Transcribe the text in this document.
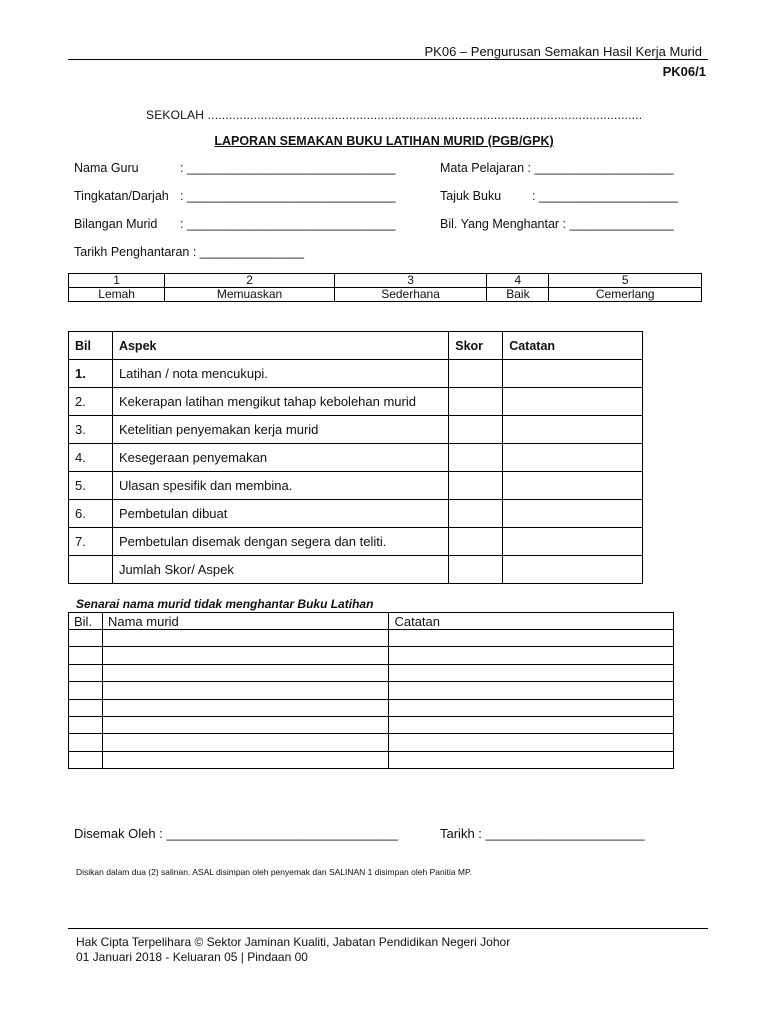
PK06 – Pengurusan Semakan Hasil Kerja Murid
PK06/1
SEKOLAH ...........................................................................................................................
LAPORAN SEMAKAN BUKU LATIHAN MURID (PGB/GPK)
Nama Guru	: ______________________________
Tingkatan/Darjah : ______________________________
Bilangan Murid : ______________________________
Tarikh Penghantaran : _______________
Mata Pelajaran : ____________________
Tajuk Buku : ____________________
Bil. Yang Menghantar : _______________
1	2	3	4	5
Lemah	Memuaskan	Sederhana	Baik	Cemerlang
Bil	Aspek	Skor	Catatan
1.	Latihan / nota mencukupi.		
2.	Kekerapan latihan mengikut tahap kebolehan murid		
3.	Ketelitian penyemakan kerja murid		
4.	Kesegeraan penyemakan		
5.	Ulasan spesifik dan membina.		
6.	Pembetulan dibuat		
7.	Pembetulan disemak dengan segera dan teliti.		
	Jumlah Skor/ Aspek		
Senarai nama murid tidak menghantar Buku Latihan
Bil.	Nama murid	Catatan

Disemak Oleh : ________________________________	Tarikh : ______________________
Disikan dalam dua (2) salinan. ASAL disimpan oleh penyemak dan SALINAN 1 disimpan oleh Panitia MP.
Hak Cipta Terpelihara © Sektor Jaminan Kualiti, Jabatan Pendidikan Negeri Johor
01 Januari 2018 - Keluaran 05 | Pindaan 00
